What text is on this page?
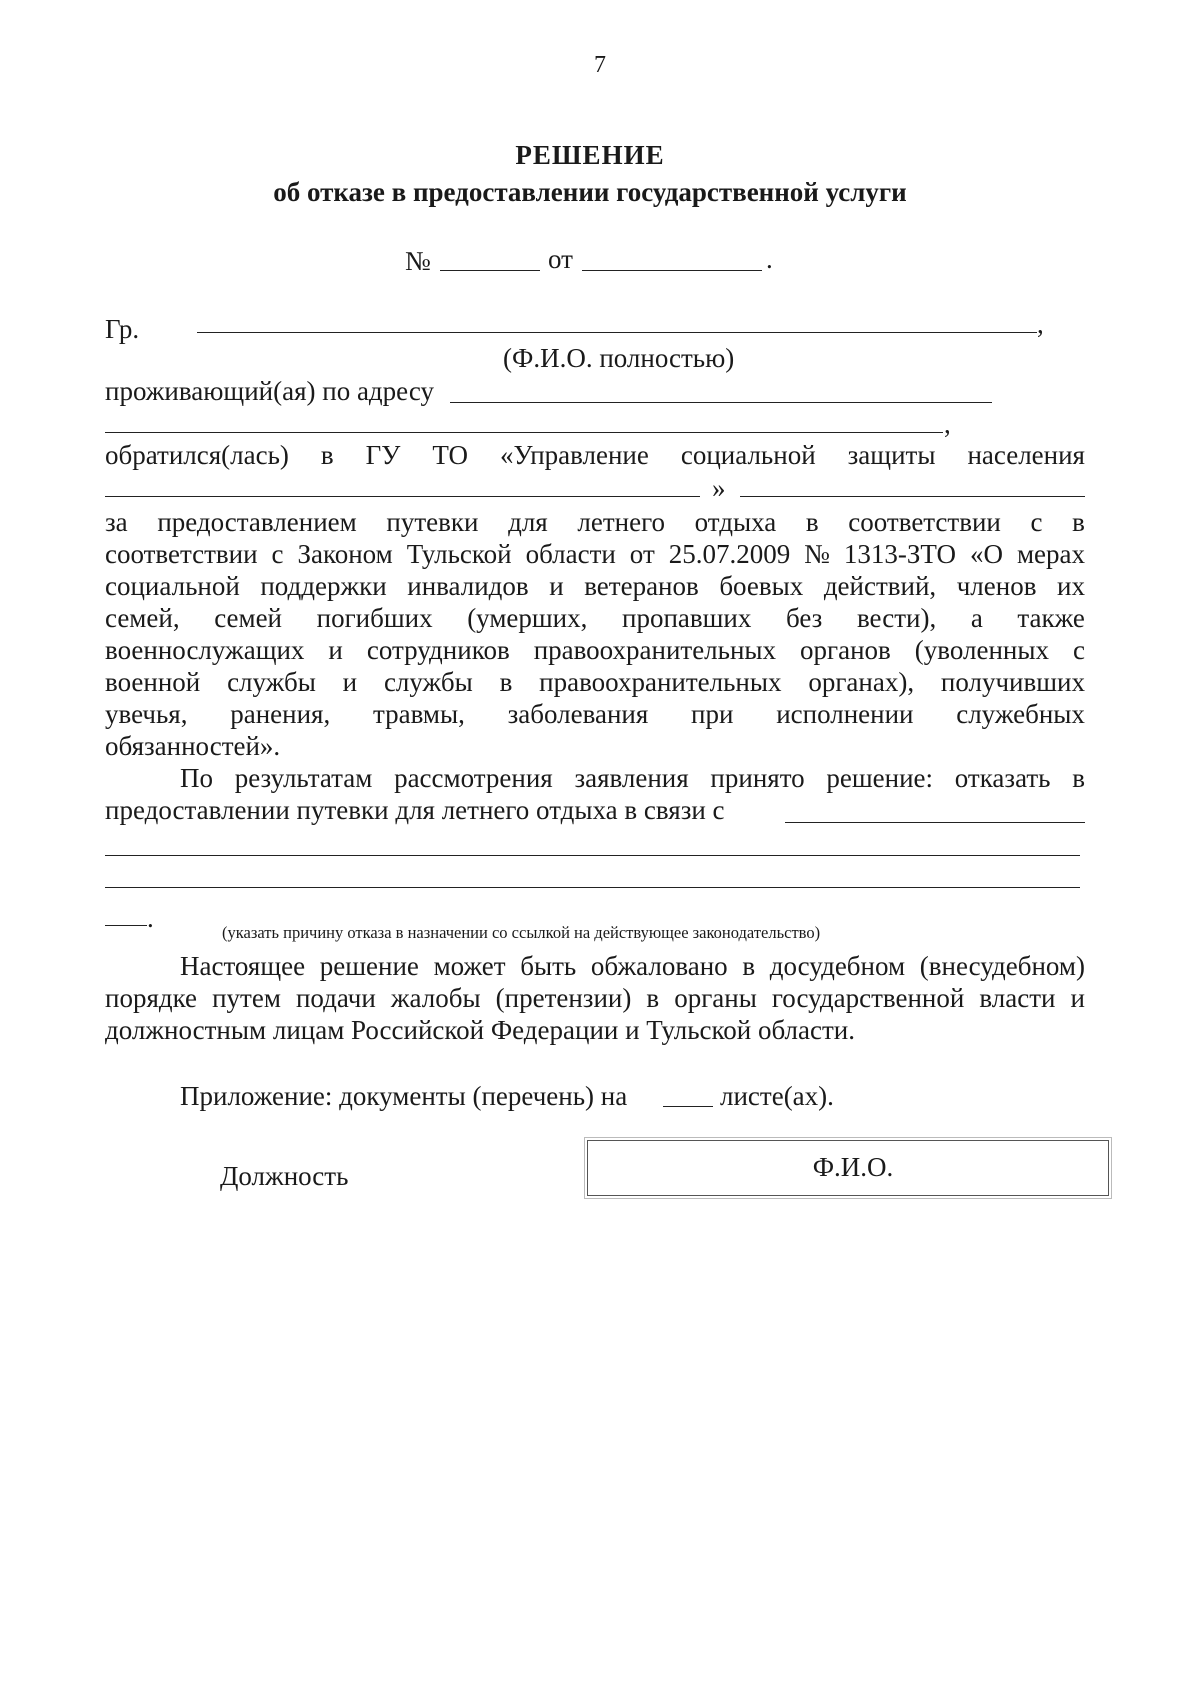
7
РЕШЕНИЕ
об отказе в предоставлении государственной услуги
№	от	.
Гр.	,
(Ф.И.О. полностью)
проживающий(ая) по адресу
,
обратился(лась) в ГУ ТО «Управление социальной защиты населения
»
за предоставлением путевки для летнего отдыха в соответствии с в
соответствии с Законом Тульской области от 25.07.2009 № 1313-ЗТО «О мерах
социальной поддержки инвалидов и ветеранов боевых действий, членов их
семей, семей погибших (умерших, пропавших без вести), а также
военнослужащих и сотрудников правоохранительных органов (уволенных с
военной службы и службы в правоохранительных органах), получивших
увечья, ранения, травмы, заболевания при исполнении служебных
обязанностей».
По результатам рассмотрения заявления принято решение: отказать в
предоставлении путевки для летнего отдыха в связи с
.	(указать причину отказа в назначении со ссылкой на действующее законодательство)
Настоящее решение может быть обжаловано в досудебном (внесудебном)
порядке путем подачи жалобы (претензии) в органы государственной власти и
должностным лицам Российской Федерации и Тульской области.
Приложение: документы (перечень) на	листе(ах).
Должность	Ф.И.О.
